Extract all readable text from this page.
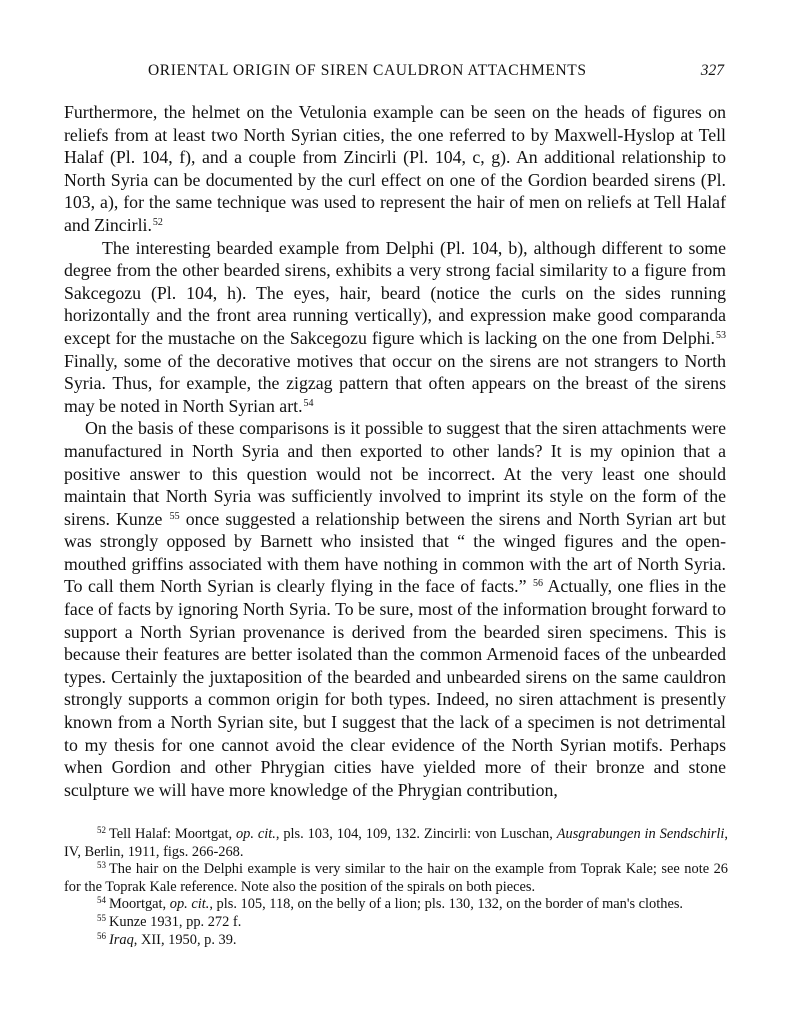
ORIENTAL ORIGIN OF SIREN CAULDRON ATTACHMENTS	327

Furthermore, the helmet on the Vetulonia example can be seen on the heads of figures on reliefs from at least two North Syrian cities, the one referred to by Maxwell-Hyslop at Tell Halaf (Pl. 104, f), and a couple from Zincirli (Pl. 104, c, g). An additional relationship to North Syria can be documented by the curl effect on one of the Gordion bearded sirens (Pl. 103, a), for the same technique was used to represent the hair of men on reliefs at Tell Halaf and Zincirli.$^{52}$

The interesting bearded example from Delphi (Pl. 104, b), although different to some degree from the other bearded sirens, exhibits a very strong facial similarity to a figure from Sakcegozu (Pl. 104, h). The eyes, hair, beard (notice the curls on the sides running horizontally and the front area running vertically), and expression make good comparanda except for the mustache on the Sakcegozu figure which is lacking on the one from Delphi.$^{53}$ Finally, some of the decorative motives that occur on the sirens are not strangers to North Syria. Thus, for example, the zigzag pattern that often appears on the breast of the sirens may be noted in North Syrian art.$^{54}$

On the basis of these comparisons is it possible to suggest that the siren attachments were manufactured in North Syria and then exported to other lands? It is my opinion that a positive answer to this question would not be incorrect. At the very least one should maintain that North Syria was sufficiently involved to imprint its style on the form of the sirens. Kunze $^{55}$ once suggested a relationship between the sirens and North Syrian art but was strongly opposed by Barnett who insisted that “ the winged figures and the open-mouthed griffins associated with them have nothing in common with the art of North Syria. To call them North Syrian is clearly flying in the face of facts.” $^{56}$ Actually, one flies in the face of facts by ignoring North Syria. To be sure, most of the information brought forward to support a North Syrian provenance is derived from the bearded siren specimens. This is because their features are better isolated than the common Armenoid faces of the unbearded types. Certainly the juxtaposition of the bearded and unbearded sirens on the same cauldron strongly supports a common origin for both types. Indeed, no siren attachment is presently known from a North Syrian site, but I suggest that the lack of a specimen is not detrimental to my thesis for one cannot avoid the clear evidence of the North Syrian motifs. Perhaps when Gordion and other Phrygian cities have yielded more of their bronze and stone sculpture we will have more knowledge of the Phrygian contribution,

$^{52}$ Tell Halaf: Moortgat, op. cit., pls. 103, 104, 109, 132. Zincirli: von Luschan, Ausgrabungen in Sendschirli, IV, Berlin, 1911, figs. 266-268.

$^{53}$ The hair on the Delphi example is very similar to the hair on the example from Toprak Kale; see note 26 for the Toprak Kale reference. Note also the position of the spirals on both pieces.

$^{54}$ Moortgat, op. cit., pls. 105, 118, on the belly of a lion; pls. 130, 132, on the border of man's clothes.

$^{55}$ Kunze 1931, pp. 272 f.

$^{56}$ Iraq, XII, 1950, p. 39.
